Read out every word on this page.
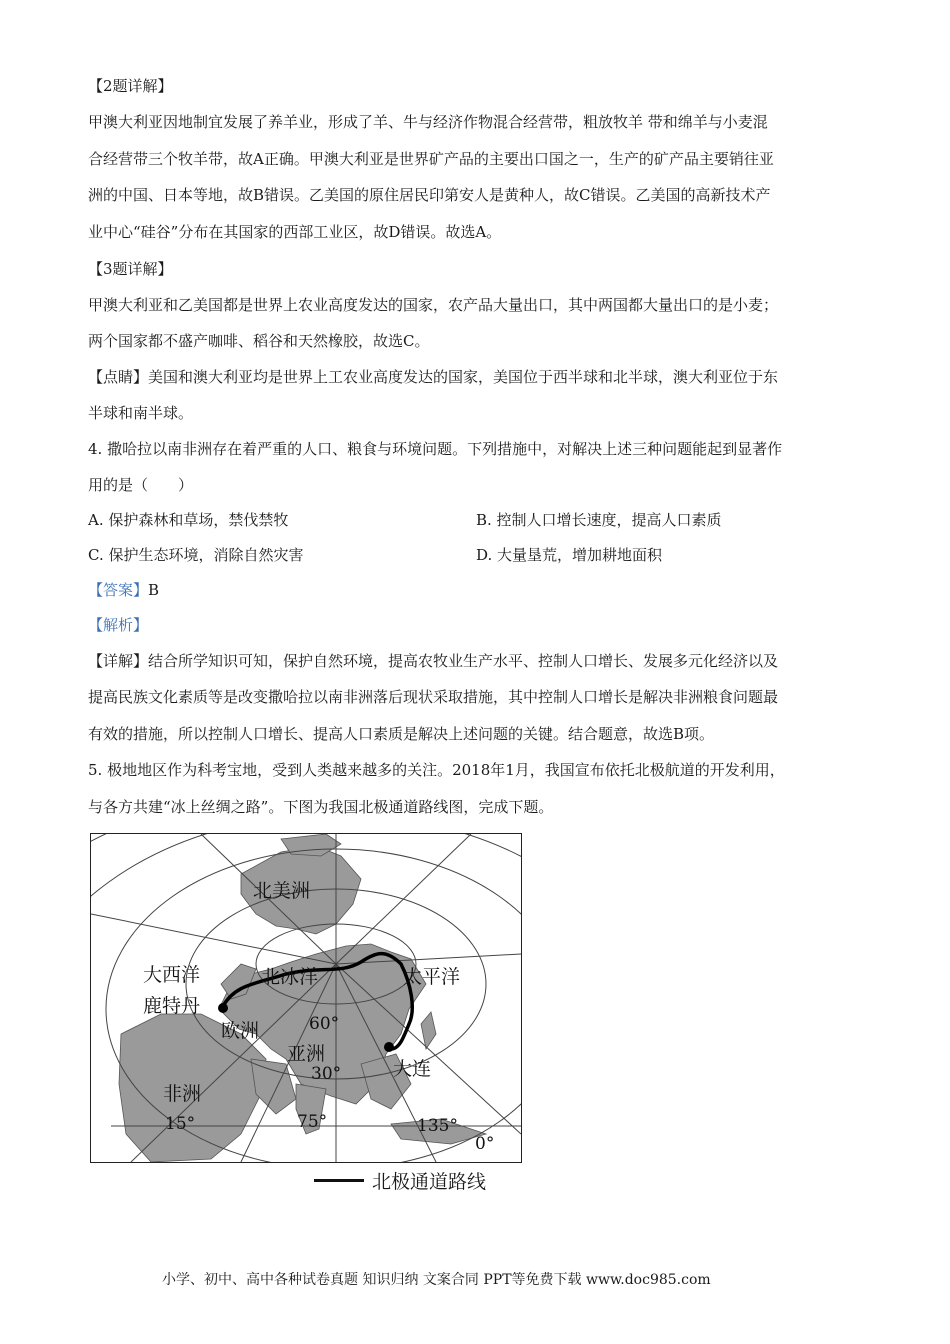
【2题详解】
甲澳大利亚因地制宜发展了养羊业，形成了羊、牛与经济作物混合经营带，粗放牧羊 带和绵羊与小麦混
合经营带三个牧羊带，故A正确。甲澳大利亚是世界矿产品的主要出口国之一，生产的矿产品主要销往亚
洲的中国、日本等地，故B错误。乙美国的原住居民印第安人是黄种人，故C错误。乙美国的高新技术产
业中心“硅谷”分布在其国家的西部工业区，故D错误。故选A。
【3题详解】
甲澳大利亚和乙美国都是世界上农业高度发达的国家，农产品大量出口，其中两国都大量出口的是小麦；
两个国家都不盛产咖啡、稻谷和天然橡胶，故选C。
【点睛】美国和澳大利亚均是世界上工农业高度发达的国家，美国位于西半球和北半球，澳大利亚位于东
半球和南半球。
4. 撒哈拉以南非洲存在着严重的人口、粮食与环境问题。下列措施中，对解决上述三种问题能起到显著作
用的是（　　）
A. 保护森林和草场，禁伐禁牧	B. 控制人口增长速度，提高人口素质
C. 保护生态环境，消除自然灾害	D. 大量垦荒，增加耕地面积
【答案】B
【解析】
【详解】结合所学知识可知，保护自然环境，提高农牧业生产水平、控制人口增长、发展多元化经济以及
提高民族文化素质等是改变撒哈拉以南非洲落后现状采取措施，其中控制人口增长是解决非洲粮食问题最
有效的措施，所以控制人口增长、提高人口素质是解决上述问题的关键。结合题意，故选B项。
5. 极地地区作为科考宝地，受到人类越来越多的关注。2018年1月，我国宣布依托北极航道的开发利用，
与各方共建“冰上丝绸之路”。下图为我国北极通道路线图，完成下题。
北美洲
大西洋	北冰洋	太平洋
鹿特丹
欧洲
亚洲
非洲
大连
60°
30°
15°	75°	135°
0°
北极通道路线
小学、初中、高中各种试卷真题 知识归纳 文案合同 PPT等免费下载 www.doc985.com
